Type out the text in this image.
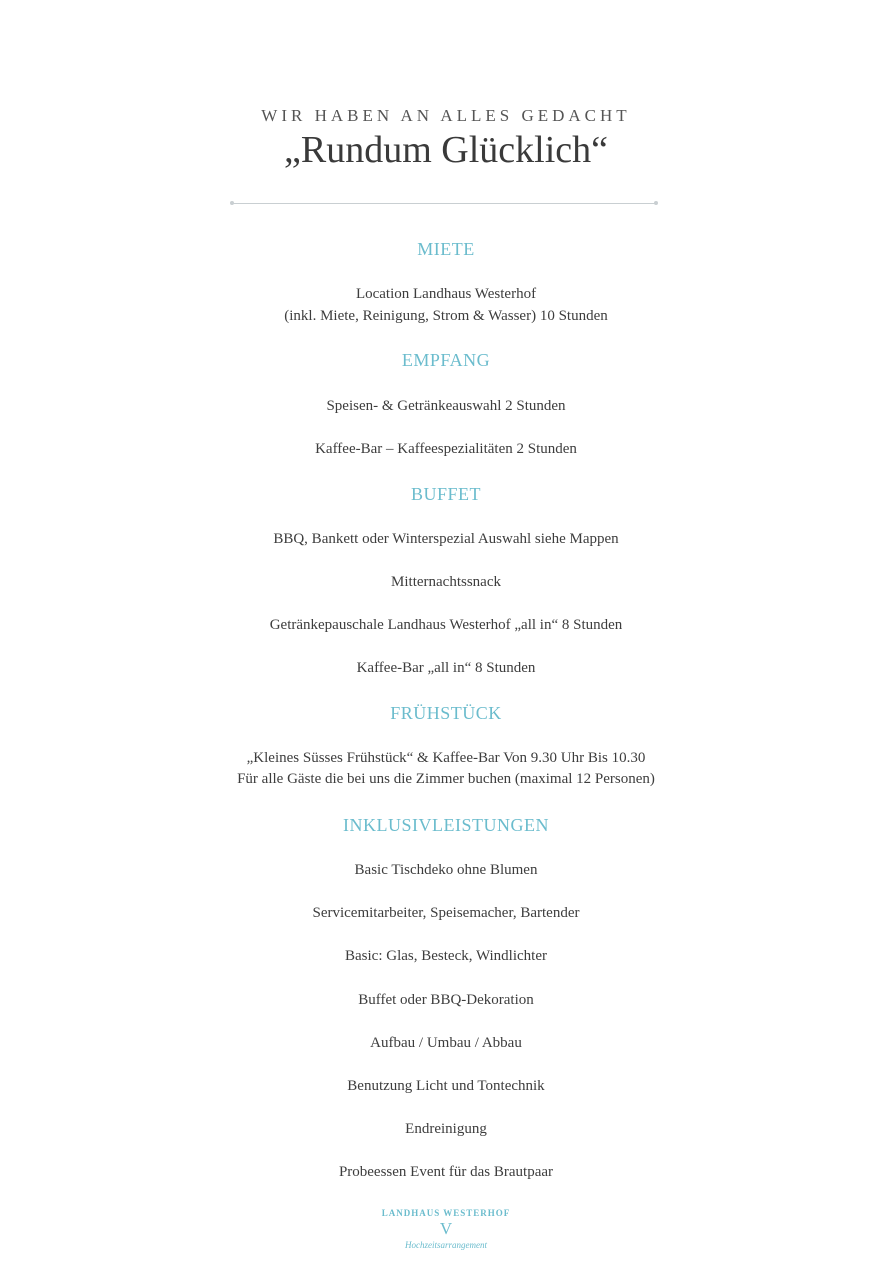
WIR HABEN AN ALLES GEDACHT
„Rundum Glücklich“
MIETE
Location Landhaus Westerhof
(inkl. Miete, Reinigung, Strom & Wasser) 10 Stunden
EMPFANG
Speisen- & Getränkeauswahl 2 Stunden
Kaffee-Bar – Kaffeespezialitäten 2 Stunden
BUFFET
BBQ, Bankett oder Winterspezial Auswahl siehe Mappen
Mitternachtssnack
Getränkepauschale Landhaus Westerhof „all in“ 8 Stunden
Kaffee-Bar „all in“ 8 Stunden
FRÜHSTÜCK
„Kleines Süsses Frühstück“ & Kaffee-Bar Von 9.30 Uhr Bis 10.30
Für alle Gäste die bei uns die Zimmer buchen (maximal 12 Personen)
INKLUSIVLEISTUNGEN
Basic Tischdeko ohne Blumen
Servicemitarbeiter, Speisemacher, Bartender
Basic: Glas, Besteck, Windlichter
Buffet oder BBQ-Dekoration
Aufbau / Umbau / Abbau
Benutzung Licht und Tontechnik
Endreinigung
Probeessen Event für das Brautpaar
LANDHAUS WESTERHOF
V
Hochzeitsarrangement
